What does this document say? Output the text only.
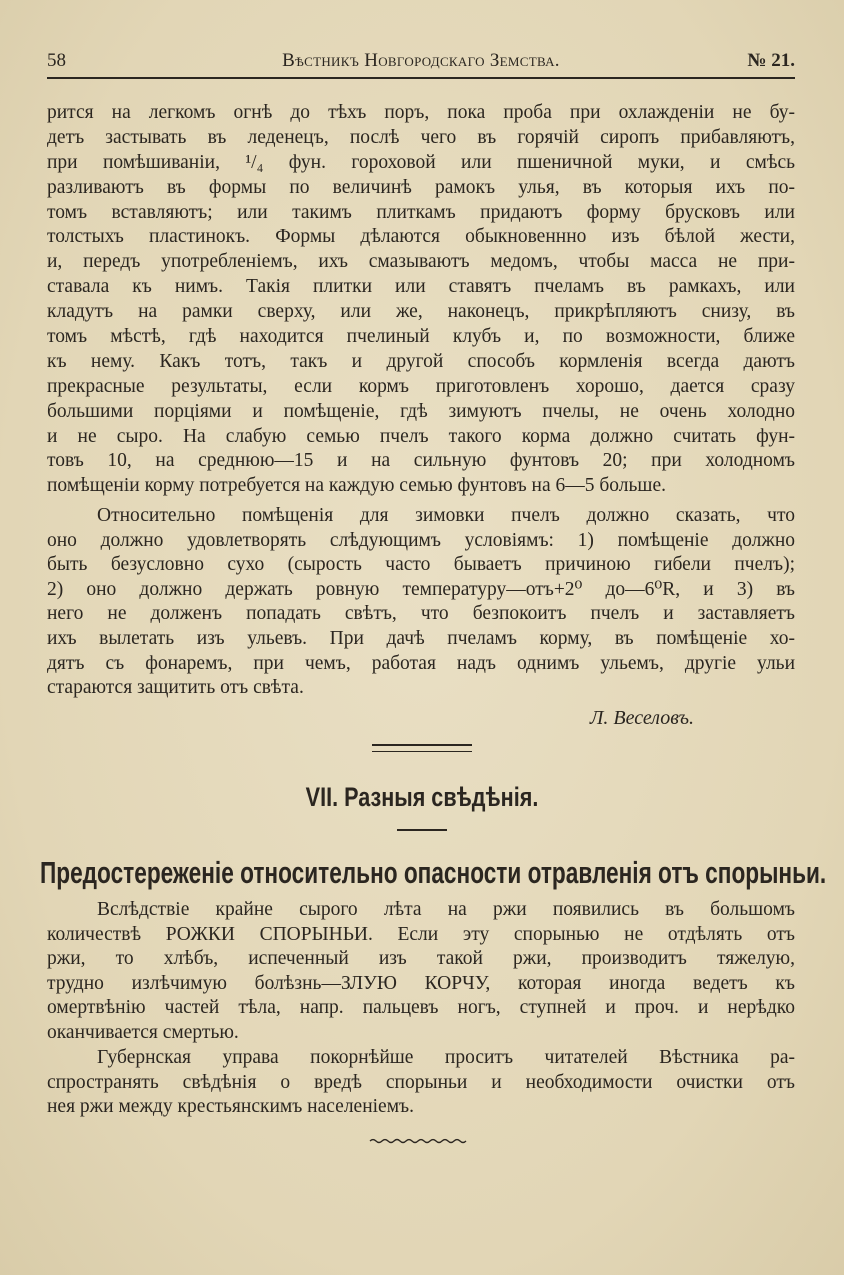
58	Вѣстникъ Новгородскаго Земства.	№ 21.
рится на легкомъ огнѣ до тѣхъ поръ, пока проба при охлажденіи не бу-
детъ застывать въ леденецъ, послѣ чего въ горячій сиропъ прибавляютъ,
при помѣшиваніи, ¹/₄ фун. гороховой или пшеничной муки, и смѣсь
разливаютъ въ формы по величинѣ рамокъ улья, въ которыя ихъ по-
томъ вставляютъ; или такимъ плиткамъ придаютъ форму брусковъ или
толстыхъ пластинокъ. Формы дѣлаются обыкновеннно изъ бѣлой жести,
и, передъ употребленіемъ, ихъ смазываютъ медомъ, чтобы масса не при-
ставала къ нимъ. Такія плитки или ставятъ пчеламъ въ рамкахъ, или
кладутъ на рамки сверху, или же, наконецъ, прикрѣпляютъ снизу, въ
томъ мѣстѣ, гдѣ находится пчелиный клубъ и, по возможности, ближе
къ нему. Какъ тотъ, такъ и другой способъ кормленія всегда даютъ
прекрасные результаты, если кормъ приготовленъ хорошо, дается сразу
большими порціями и помѣщеніе, гдѣ зимуютъ пчелы, не очень холодно
и не сыро. На слабую семью пчелъ такого корма должно считать фун-
товъ 10, на среднюю—15 и на сильную фунтовъ 20; при холодномъ
помѣщеніи корму потребуется на каждую семью фунтовъ на 6—5 больше.
Относительно помѣщенія для зимовки пчелъ должно сказать, что
оно должно удовлетворять слѣдующимъ условіямъ: 1) помѣщеніе должно
быть безусловно сухо (сырость часто бываетъ причиною гибели пчелъ);
2) оно должно держать ровную температуру—отъ+2⁰ до—6⁰R, и 3) въ
него не долженъ попадать свѣтъ, что безпокоитъ пчелъ и заставляетъ
ихъ вылетать изъ ульевъ. При дачѣ пчеламъ корму, въ помѣщеніе хо-
дятъ съ фонаремъ, при чемъ, работая надъ однимъ ульемъ, другіе ульи
стараются защитить отъ свѣта.
Л. Веселовъ.
VII. Разныя свѣдѣнія.
Предостереженіе относительно опасности отравленія отъ спорыньи.
Вслѣдствіе крайне сырого лѣта на ржи появились въ большомъ
количествѣ РОЖКИ СПОРЫНЬИ. Если эту спорынью не отдѣлять отъ
ржи, то хлѣбъ, испеченный изъ такой ржи, производитъ тяжелую,
трудно излѣчимую болѣзнь—ЗЛУЮ КОРЧУ, которая иногда ведетъ къ
омертвѣнію частей тѣла, напр. пальцевъ ногъ, ступней и проч. и нерѣдко
оканчивается смертью.
Губернская управа покорнѣйше проситъ читателей Вѣстника ра-
спространять свѣдѣнія о вредѣ спорыньи и необходимости очистки отъ
нея ржи между крестьянскимъ населеніемъ.
